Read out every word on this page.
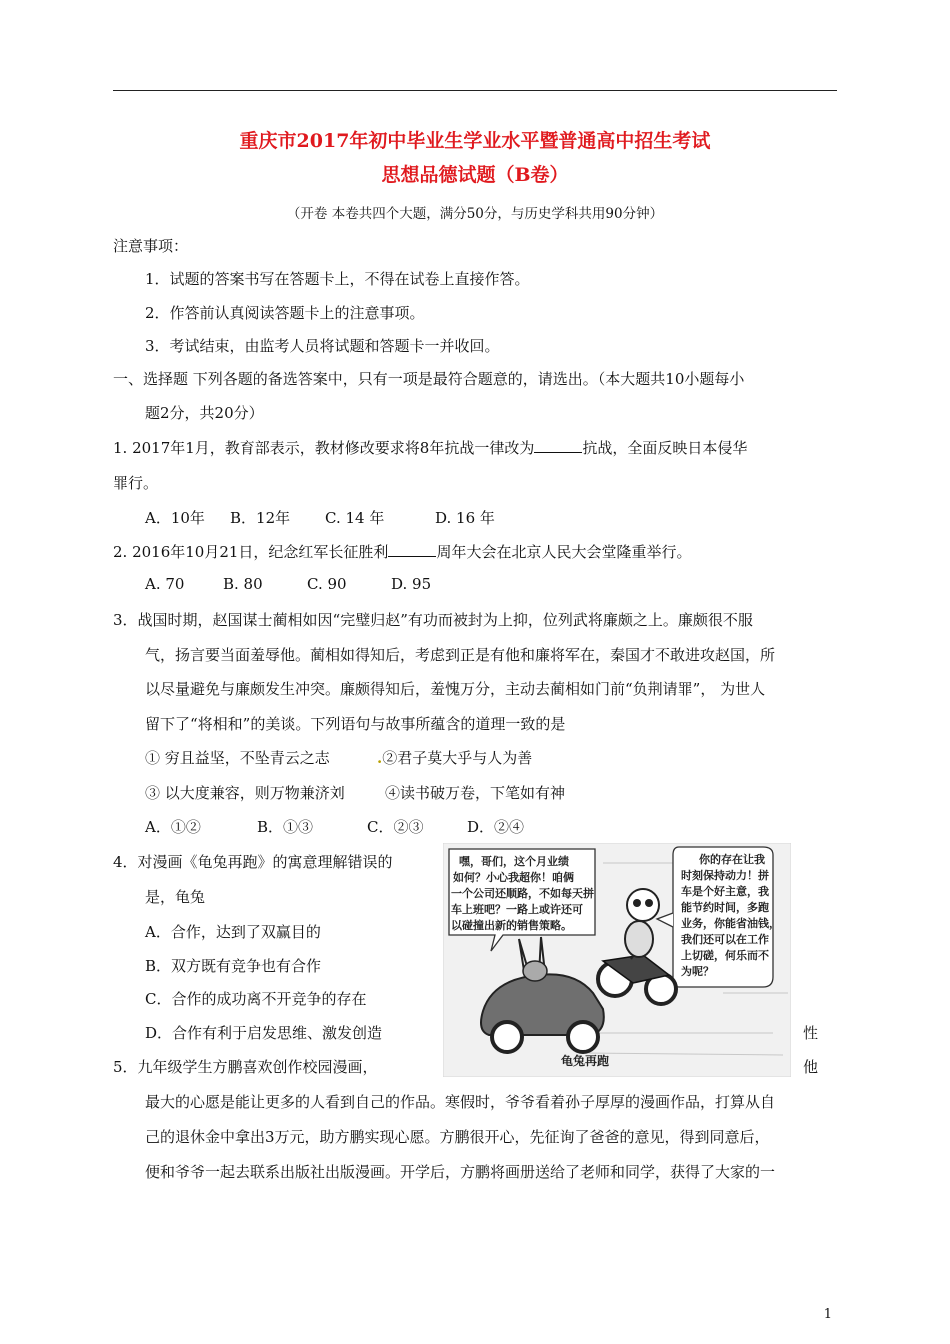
重庆市2017年初中毕业生学业水平暨普通高中招生考试
思想品德试题（B卷）
（开卷 本卷共四个大题，满分50分，与历史学科共用90分钟）
注意事项：
1．试题的答案书写在答题卡上，不得在试卷上直接作答。
2．作答前认真阅读答题卡上的注意事项。
3．考试结束，由监考人员将试题和答题卡一并收回。
一、选择题 下列各题的备选答案中，只有一项是最符合题意的，请选出。（本大题共10小题每小
题2分，共20分）
1. 2017年1月，教育部表示，教材修改要求将8年抗战一律改为	抗战，全面反映日本侵华
罪行。
A．10年 B．12年 C. 14 年	D. 16 年
2. 2016年10月21日，纪念红军长征胜利	周年大会在北京人民大会堂隆重举行。
A. 70	B. 80	C. 90	D. 95
3．战国时期，赵国谋士蔺相如因“完璧归赵”有功而被封为上抑，位列武将廉颇之上。廉颇很不服
气，扬言要当面羞辱他。蔺相如得知后，考虑到正是有他和廉将军在，秦国才不敢进攻赵国，所
以尽量避免与廉颇发生冲突。廉颇得知后，羞愧万分，主动去蔺相如门前“负荆请罪”， 为世人
留下了“将相和”的美谈。下列语句与故事所蕴含的道理一致的是
① 穷且益坚，不坠青云之志	.②君子莫大乎与人为善
③ 以大度兼容，则万物兼济刘	④读书破万卷，下笔如有神
A．①②	B．①③	C．②③	D．②④
4．对漫画《龟兔再跑》的寓意理解错误的
是，龟兔
A．合作，达到了双赢目的
B．双方既有竞争也有合作
C．合作的成功离不开竞争的存在
D．合作有利于启发思维、激发创造	性
嘿，哥们，这个月业绩
如何？小心我超你！咱俩
一个公司还顺路，不如每天拼
车上班吧？一路上或许还可
以碰撞出新的销售策略。
你的存在让我
时刻保持动力！拼
车是个好主意，我
能节约时间，多跑
业务，你能省油钱，
我们还可以在工作
上切磋，何乐而不
为呢？
龟兔再跑
5．九年级学生方鹏喜欢创作校园漫画，	他
最大的心愿是能让更多的人看到自己的作品。寒假时，爷爷看着孙子厚厚的漫画作品，打算从自
己的退休金中拿出3万元，助方鹏实现心愿。方鹏很开心，先征询了爸爸的意见，得到同意后，
便和爷爷一起去联系出版社出版漫画。开学后，方鹏将画册送给了老师和同学，获得了大家的一
1
